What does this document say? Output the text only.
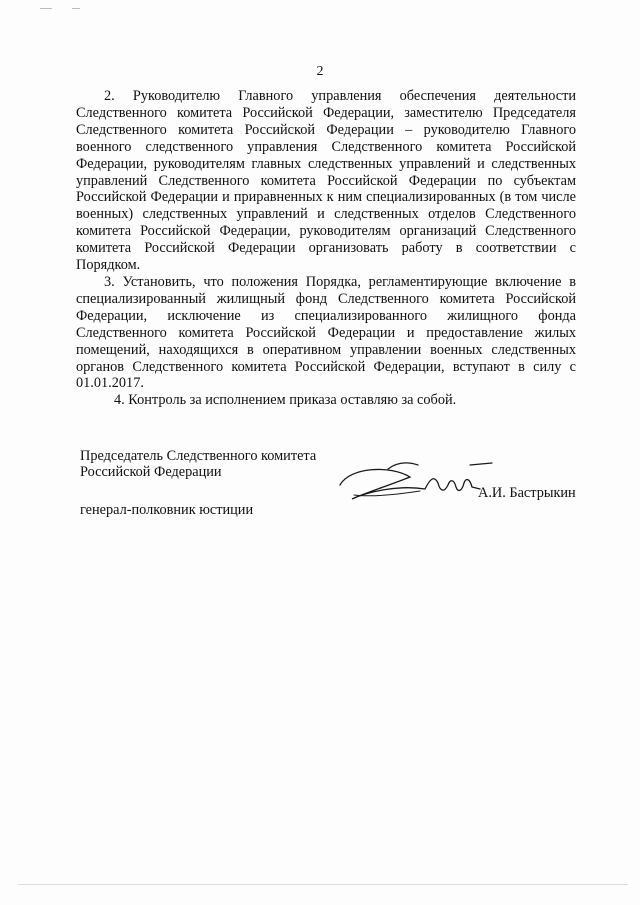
2

2. Руководителю Главного управления обеспечения деятельности Следственного комитета Российской Федерации, заместителю Председателя Следственного комитета Российской Федерации – руководителю Главного военного следственного управления Следственного комитета Российской Федерации, руководителям главных следственных управлений и следственных управлений Следственного комитета Российской Федерации по субъектам Российской Федерации и приравненных к ним специализированных (в том числе военных) следственных управлений и следственных отделов Следственного комитета Российской Федерации, руководителям организаций Следственного комитета Российской Федерации организовать работу в соответствии с Порядком.

3. Установить, что положения Порядка, регламентирующие включение в специализированный жилищный фонд Следственного комитета Российской Федерации, исключение из специализированного жилищного фонда Следственного комитета Российской Федерации и предоставление жилых помещений, находящихся в оперативном управлении военных следственных органов Следственного комитета Российской Федерации, вступают в силу с 01.01.2017.

4. Контроль за исполнением приказа оставляю за собой.

Председатель Следственного комитета Российской Федерации
генерал-полковник юстиции
А.И. Бастрыкин
